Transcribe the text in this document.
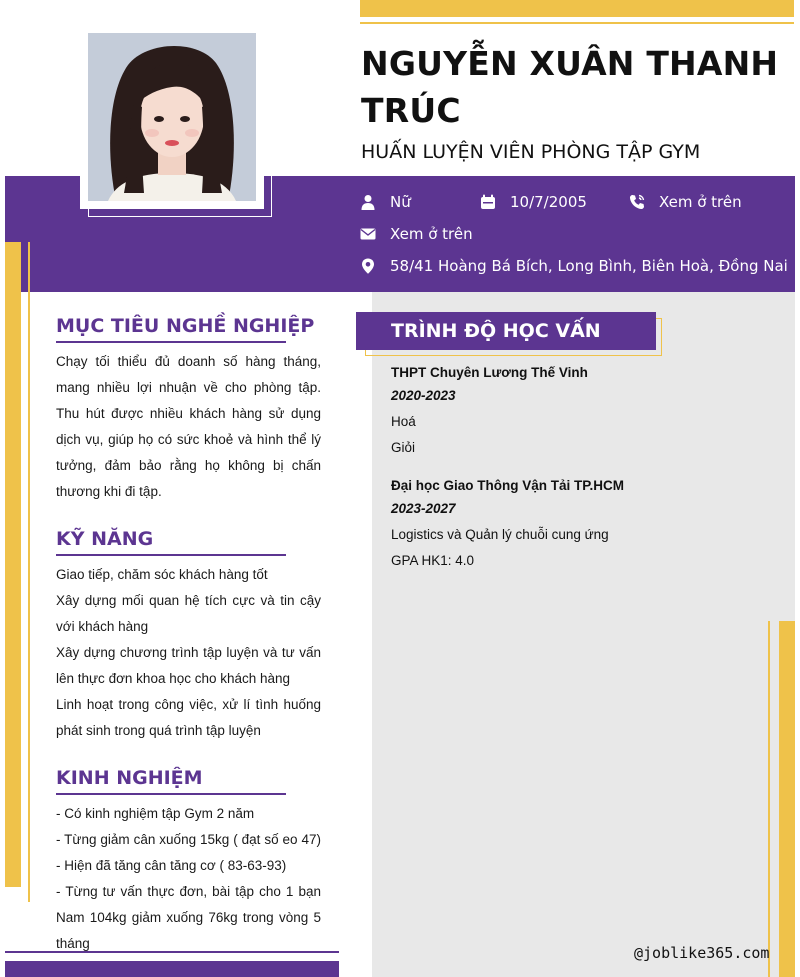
NGUYỄN XUÂN THANH TRÚC
HUẤN LUYỆN VIÊN PHÒNG TẬP GYM
Nữ	10/7/2005	Xem ở trên
Xem ở trên
58/41 Hoàng Bá Bích, Long Bình, Biên Hoà, Đồng Nai
MỤC TIÊU NGHỀ NGHIỆP
Chạy tối thiểu đủ doanh số hàng tháng, mang nhiều lợi nhuận về cho phòng tập. Thu hút được nhiều khách hàng sử dụng dịch vụ, giúp họ có sức khoẻ và hình thể lý tưởng, đảm bảo rằng họ không bị chấn thương khi đi tập.
KỸ NĂNG
Giao tiếp, chăm sóc khách hàng tốt
Xây dựng mối quan hệ tích cực và tin cậy với khách hàng
Xây dựng chương trình tập luyện và tư vấn lên thực đơn khoa học cho khách hàng
Linh hoạt trong công việc, xử lí tình huống phát sinh trong quá trình tập luyện
KINH NGHIỆM
- Có kinh nghiệm tập Gym 2 năm
- Từng giảm cân xuống 15kg ( đạt số eo 47) - Hiện đã tăng cân tăng cơ ( 83-63-93)
- Từng tư vấn thực đơn, bài tập cho 1 bạn Nam 104kg giảm xuống 76kg trong vòng 5 tháng
TRÌNH ĐỘ HỌC VẤN
THPT Chuyên Lương Thế Vinh
2020-2023
Hoá
Giỏi
Đại học Giao Thông Vận Tải TP.HCM
2023-2027
Logistics và Quản lý chuỗi cung ứng
GPA HK1: 4.0
@joblike365.com
